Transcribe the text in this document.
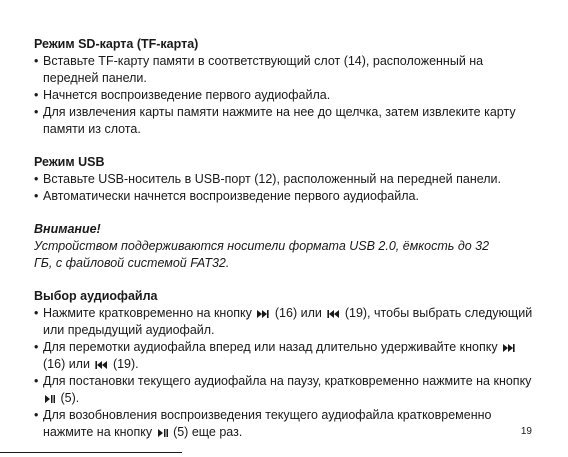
Режим SD-карта (TF-карта)

• Вставьте TF-карту памяти в соответствующий слот (14), расположенный на передней панели.
• Начнется воспроизведение первого аудиофайла.
• Для извлечения карты памяти нажмите на нее до щелчка, затем извлеките карту памяти из слота.

Режим USB

• Вставьте USB-носитель в USB-порт (12), расположенный на передней панели.
• Автоматически начнется воспроизведение первого аудиофайла.
Внимание!
Устройством поддерживаются носители формата USB 2.0, ёмкость до 32 ГБ, с файловой системой FAT32.

Выбор аудиофайла

• Нажмите кратковременно на кнопку (16) или (19), чтобы выбрать следующий или предыдущий аудиофайл.
• Для перемотки аудиофайла вперед или назад длительно удерживайте кнопку
(16) или (19).
• Для постановки текущего аудиофайла на паузу, кратковременно нажмите на кнопку
(5).
• Для возобновления воспроизведения текущего аудиофайла кратковременно нажмите на кнопку (5) еще раз.	19
